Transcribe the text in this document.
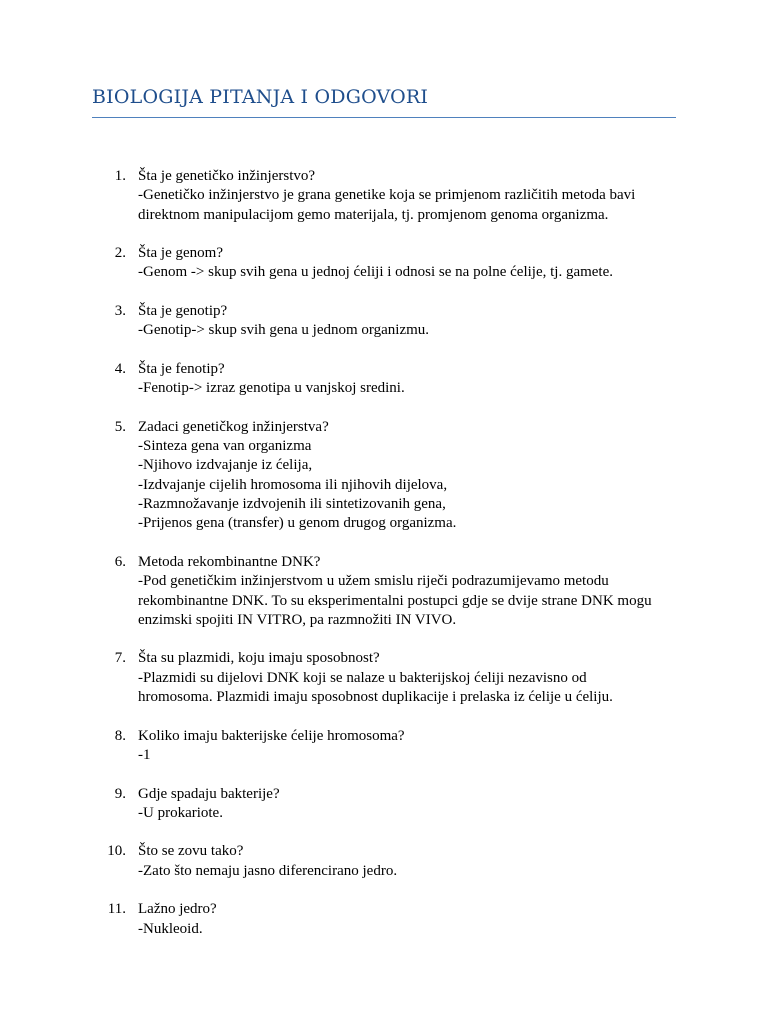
BIOLOGIJA PITANJA I ODGOVORI
1. Šta je genetičko inžinjerstvo?
-Genetičko inžinjerstvo je grana genetike koja se primjenom različitih metoda bavi
direktnom manipulacijom gemo materijala, tj. promjenom genoma organizma.
2. Šta je genom?
-Genom -> skup svih gena u jednoj ćeliji i odnosi se na polne ćelije, tj. gamete.
3. Šta je genotip?
-Genotip-> skup svih gena u jednom organizmu.
4. Šta je fenotip?
-Fenotip-> izraz genotipa u vanjskoj sredini.
5. Zadaci genetičkog inžinjerstva?
-Sinteza gena van organizma
-Njihovo izdvajanje iz ćelija,
-Izdvajanje cijelih hromosoma ili njihovih dijelova,
-Razmnožavanje izdvojenih ili sintetizovanih gena,
-Prijenos gena (transfer) u genom drugog organizma.
6. Metoda rekombinantne DNK?
-Pod genetičkim inžinjerstvom u užem smislu riječi podrazumijevamo metodu
rekombinantne DNK. To su eksperimentalni postupci gdje se dvije strane DNK mogu
enzimski spojiti IN VITRO, pa razmnožiti IN VIVO.
7. Šta su plazmidi, koju imaju sposobnost?
-Plazmidi su dijelovi DNK koji se nalaze u bakterijskoj ćeliji nezavisno od
hromosoma. Plazmidi imaju sposobnost duplikacije i prelaska iz ćelije u ćeliju.
8. Koliko imaju bakterijske ćelije hromosoma?
-1
9. Gdje spadaju bakterije?
-U prokariote.
10. Što se zovu tako?
-Zato što nemaju jasno diferencirano jedro.
11. Lažno jedro?
-Nukleoid.
